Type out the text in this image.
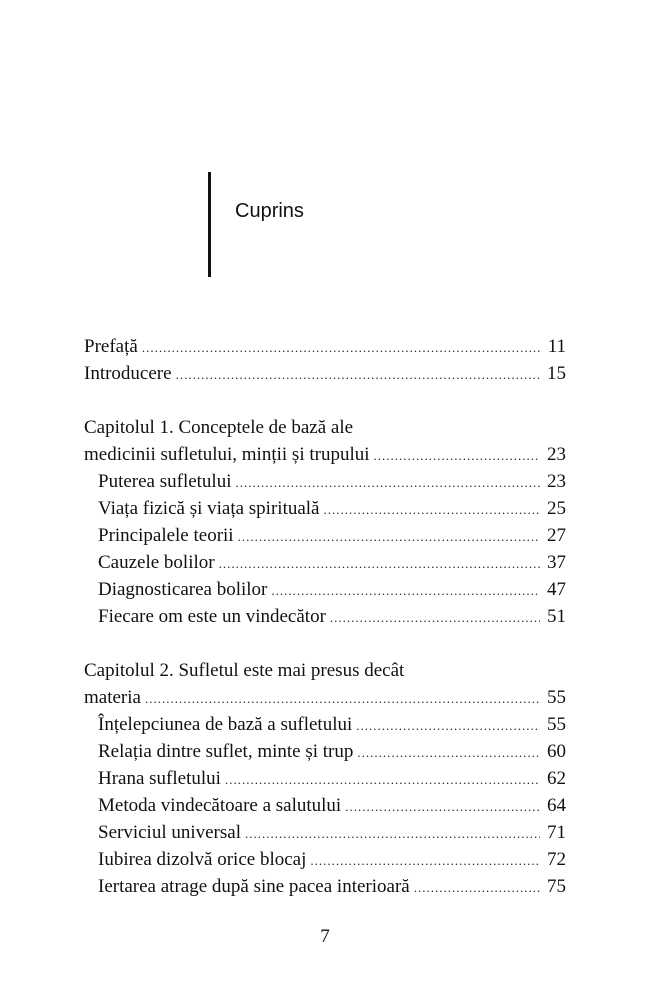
Cuprins
Prefață .....	11
Introducere .....	15
Capitolul 1. Conceptele de bază ale
medicinii sufletului, minții și trupului .....	23
Puterea sufletului .....	23
Viața fizică și viața spirituală .....	25
Principalele teorii .....	27
Cauzele bolilor .....	37
Diagnosticarea bolilor .....	47
Fiecare om este un vindecător .....	51
Capitolul 2. Sufletul este mai presus decât
materia .....	55
Înțelepciunea de bază a sufletului .....	55
Relația dintre suflet, minte și trup .....	60
Hrana sufletului .....	62
Metoda vindecătoare a salutului .....	64
Serviciul universal .....	71
Iubirea dizolvă orice blocaj .....	72
Iertarea atrage după sine pacea interioară .....	75
7
